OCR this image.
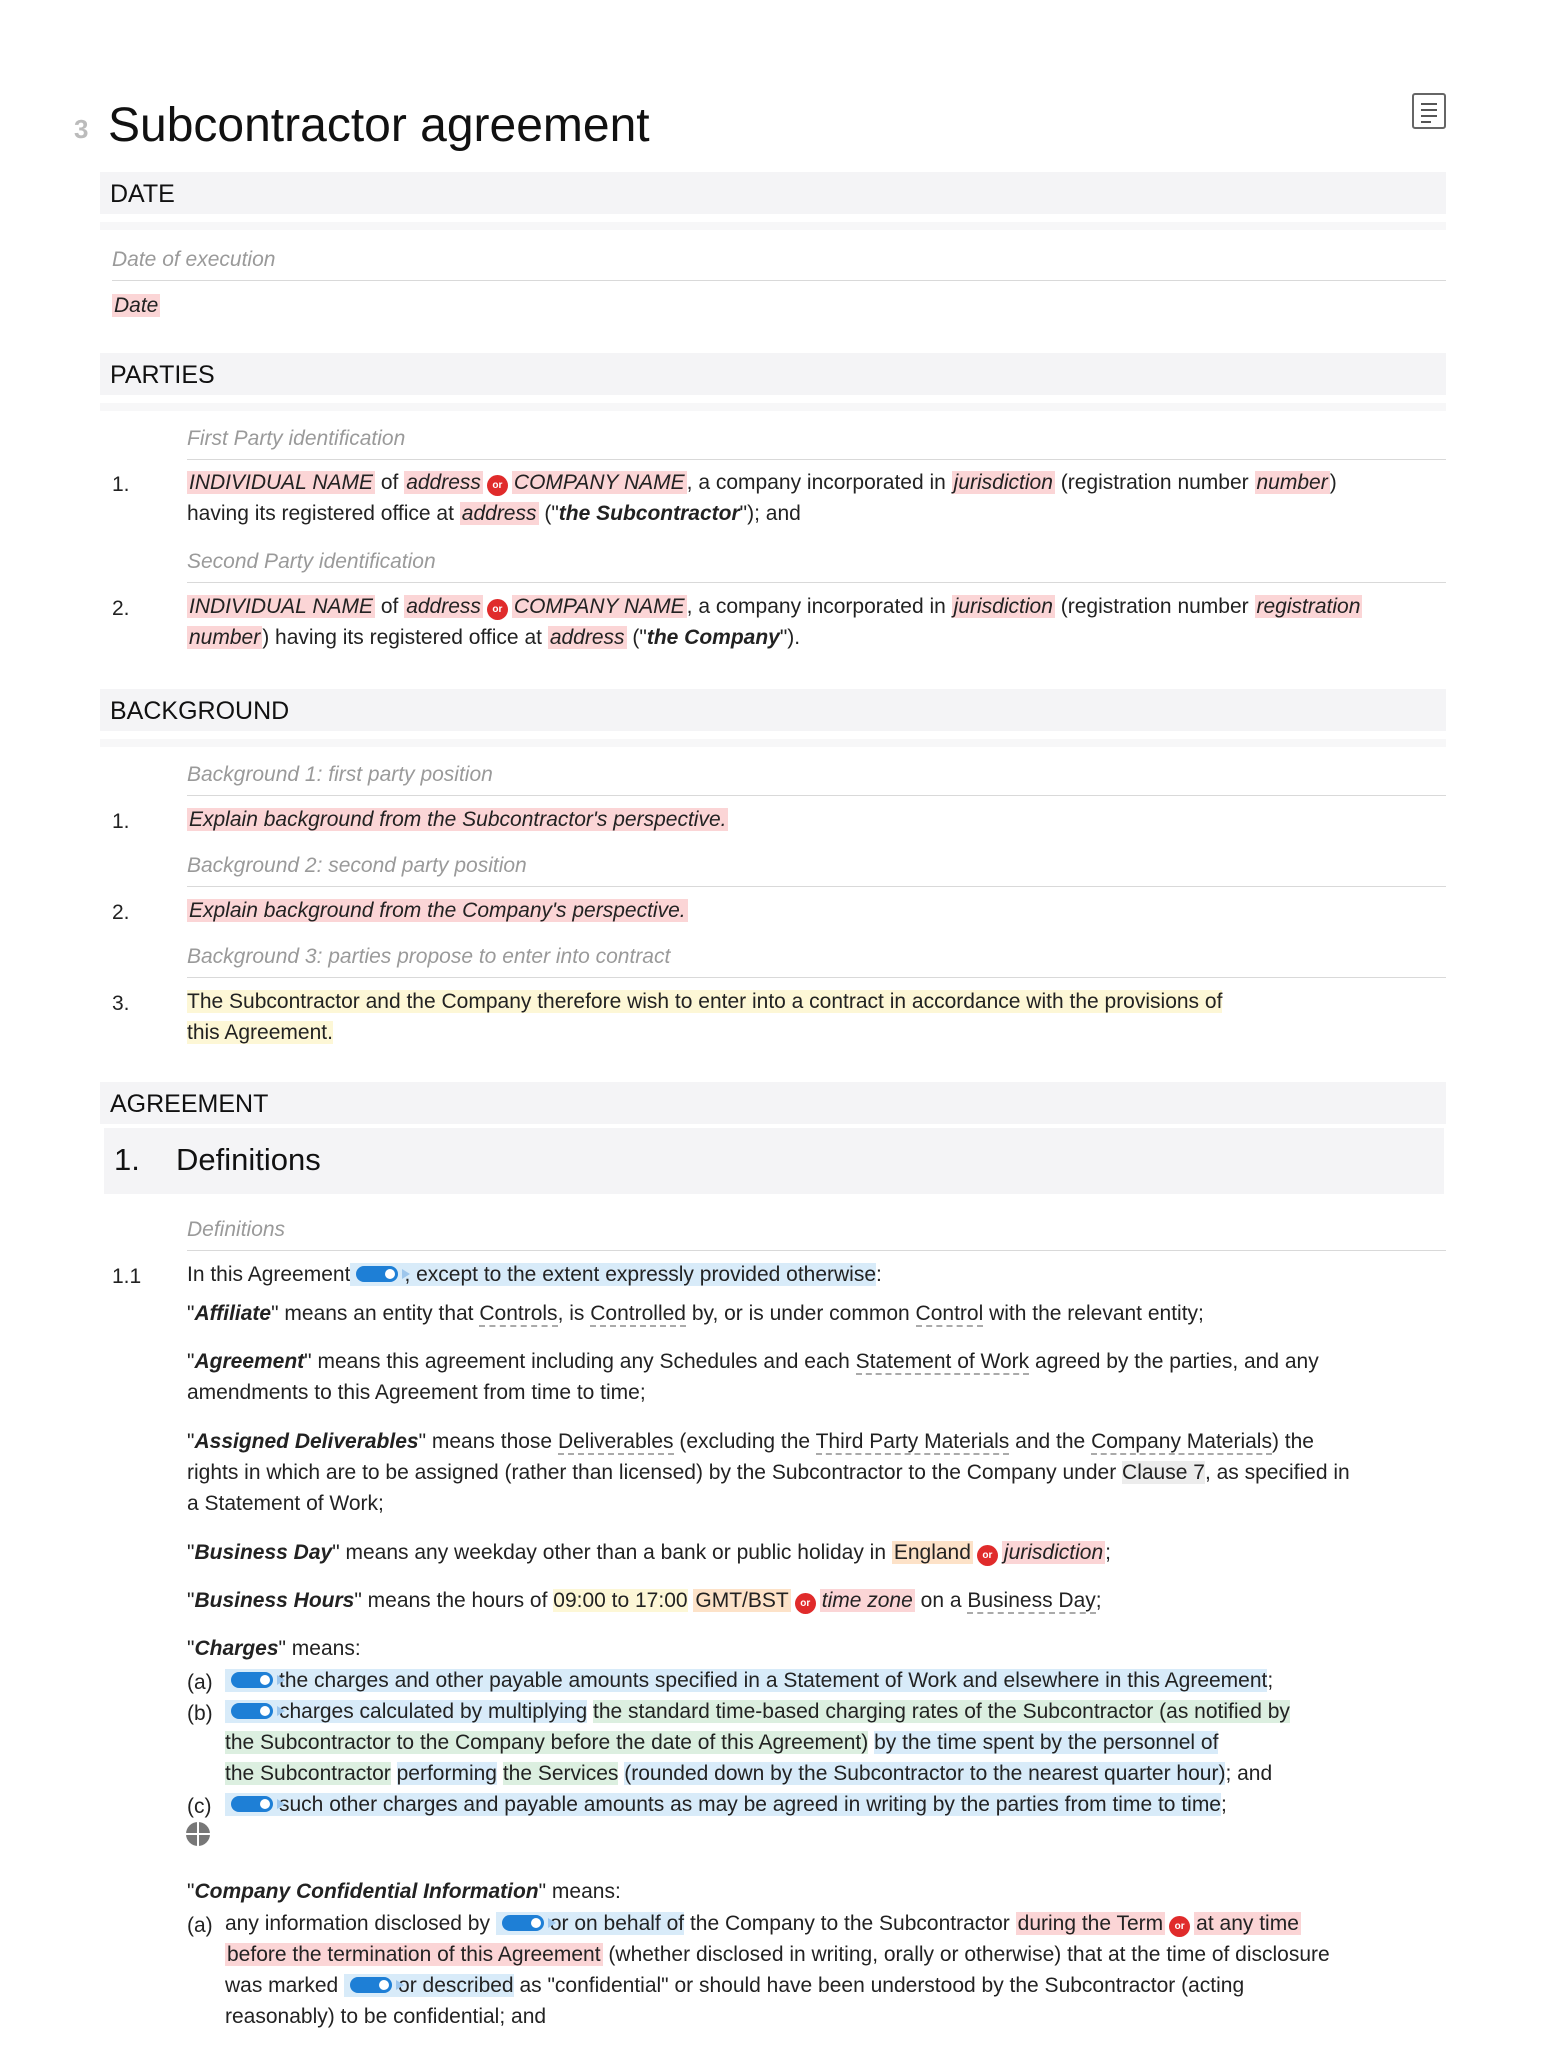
3 Subcontractor agreement
DATE
Date of execution
Date
PARTIES
First Party identification
1.	INDIVIDUAL NAME of address or COMPANY NAME, a company incorporated in jurisdiction (registration number number)
having its registered office at address ("the Subcontractor"); and
Second Party identification
2.	INDIVIDUAL NAME of address or COMPANY NAME, a company incorporated in jurisdiction (registration number registration
number) having its registered office at address ("the Company").
BACKGROUND
Background 1: first party position
1.	Explain background from the Subcontractor's perspective.
Background 2: second party position
2.	Explain background from the Company's perspective.
Background 3: parties propose to enter into contract
3.	The Subcontractor and the Company therefore wish to enter into a contract in accordance with the provisions of
this Agreement.
AGREEMENT
1. Definitions
Definitions
1.1 In this Agreement	, except to the extent expressly provided otherwise:
"Affiliate" means an entity that Controls, is Controlled by, or is under common Control with the relevant entity;
"Agreement" means this agreement including any Schedules and each Statement of Work agreed by the parties, and any
amendments to this Agreement from time to time;
"Assigned Deliverables" means those Deliverables (excluding the Third Party Materials and the Company Materials) the
rights in which are to be assigned (rather than licensed) by the Subcontractor to the Company under Clause 7, as specified in
a Statement of Work;
"Business Day" means any weekday other than a bank or public holiday in England or jurisdiction;
"Business Hours" means the hours of 09:00 to 17:00 GMT/BST or time zone on a Business Day;
"Charges" means:
(a)	the charges and other payable amounts specified in a Statement of Work and elsewhere in this Agreement;
(b)	charges calculated by multiplying the standard time-based charging rates of the Subcontractor (as notified by
the Subcontractor to the Company before the date of this Agreement) by the time spent by the personnel of
the Subcontractor performing the Services (rounded down by the Subcontractor to the nearest quarter hour); and
(c)	such other charges and payable amounts as may be agreed in writing by the parties from time to time;
"Company Confidential Information" means:
(a) any information disclosed by	or on behalf of the Company to the Subcontractor during the Term or at any time
before the termination of this Agreement (whether disclosed in writing, orally or otherwise) that at the time of disclosure
was marked	or described as "confidential" or should have been understood by the Subcontractor (acting
reasonably) to be confidential; and
